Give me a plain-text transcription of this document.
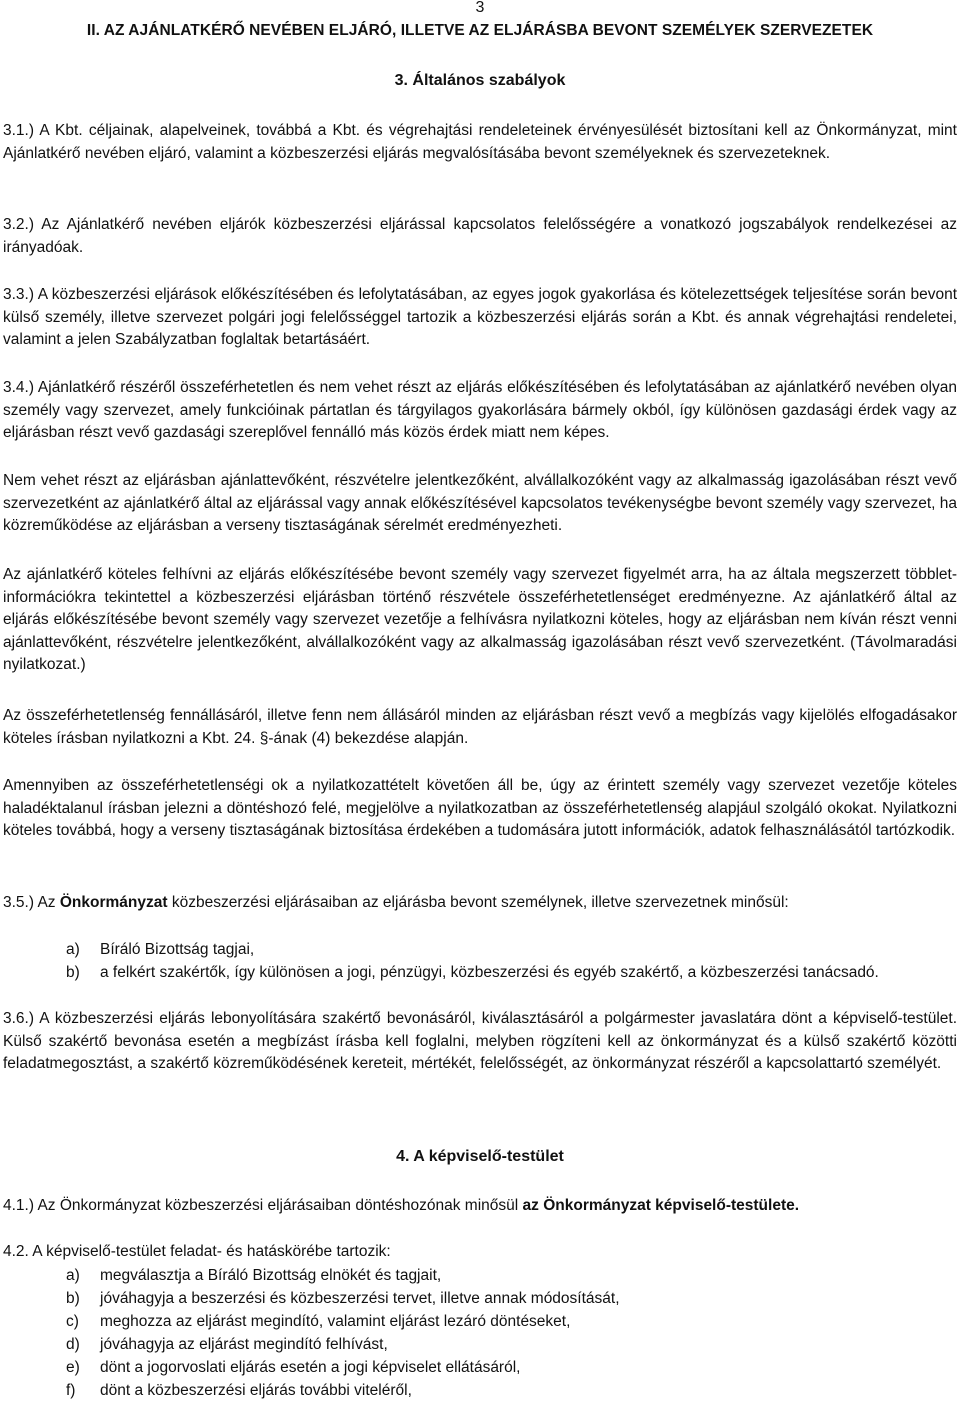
3
II. AZ AJÁNLATKÉRŐ NEVÉBEN ELJÁRÓ, ILLETVE AZ ELJÁRÁSBA BEVONT SZEMÉLYEK SZERVEZETEK
3. Általános szabályok

3.1.) A Kbt. céljainak, alapelveinek, továbbá a Kbt. és végrehajtási rendeleteinek érvényesülését biztosítani kell az Önkormányzat, mint Ajánlatkérő nevében eljáró, valamint a közbeszerzési eljárás megvalósításába bevont személyeknek és szervezeteknek.

3.2.) Az Ajánlatkérő nevében eljárók közbeszerzési eljárással kapcsolatos felelősségére a vonatkozó jogszabályok rendelkezései az irányadóak.

3.3.) A közbeszerzési eljárások előkészítésében és lefolytatásában, az egyes jogok gyakorlása és kötelezettségek teljesítése során bevont külső személy, illetve szervezet polgári jogi felelősséggel tartozik a közbeszerzési eljárás során a Kbt. és annak végrehajtási rendeletei, valamint a jelen Szabályzatban foglaltak betartásáért.

3.4.) Ajánlatkérő részéről összeférhetetlen és nem vehet részt az eljárás előkészítésében és lefolytatásában az ajánlatkérő nevében olyan személy vagy szervezet, amely funkcióinak pártatlan és tárgyilagos gyakorlására bármely okból, így különösen gazdasági érdek vagy az eljárásban részt vevő gazdasági szereplővel fennálló más közös érdek miatt nem képes.

Nem vehet részt az eljárásban ajánlattevőként, részvételre jelentkezőként, alvállalkozóként vagy az alkalmasság igazolásában részt vevő szervezetként az ajánlatkérő által az eljárással vagy annak előkészítésével kapcsolatos tevékenységbe bevont személy vagy szervezet, ha közreműködése az eljárásban a verseny tisztaságának sérelmét eredményezheti.

Az ajánlatkérő köteles felhívni az eljárás előkészítésébe bevont személy vagy szervezet figyelmét arra, ha az általa megszerzett többlet-információkra tekintettel a közbeszerzési eljárásban történő részvétele összeférhetetlenséget eredményezne. Az ajánlatkérő által az eljárás előkészítésébe bevont személy vagy szervezet vezetője a felhívásra nyilatkozni köteles, hogy az eljárásban nem kíván részt venni ajánlattevőként, részvételre jelentkezőként, alvállalkozóként vagy az alkalmasság igazolásában részt vevő szervezetként. (Távolmaradási nyilatkozat.)

Az összeférhetetlenség fennállásáról, illetve fenn nem állásáról minden az eljárásban részt vevő a megbízás vagy kijelölés elfogadásakor köteles írásban nyilatkozni a Kbt. 24. §-ának (4) bekezdése alapján.

Amennyiben az összeférhetetlenségi ok a nyilatkozattételt követően áll be, úgy az érintett személy vagy szervezet vezetője köteles haladéktalanul írásban jelezni a döntéshozó felé, megjelölve a nyilatkozatban az összeférhetetlenség alapjául szolgáló okokat. Nyilatkozni köteles továbbá, hogy a verseny tisztaságának biztosítása érdekében a tudomására jutott információk, adatok felhasználásától tartózkodik.

3.5.) Az Önkormányzat közbeszerzési eljárásaiban az eljárásba bevont személynek, illetve szervezetnek minősül:

a) Bíráló Bizottság tagjai,

b) a felkért szakértők, így különösen a jogi, pénzügyi, közbeszerzési és egyéb szakértő, a közbeszerzési tanácsadó.

3.6.) A közbeszerzési eljárás lebonyolítására szakértő bevonásáról, kiválasztásáról a polgármester javaslatára dönt a képviselő-testület. Külső szakértő bevonása esetén a megbízást írásba kell foglalni, melyben rögzíteni kell az önkormányzat és a külső szakértő közötti feladatmegosztást, a szakértő közreműködésének kereteit, mértékét, felelősségét, az önkormányzat részéről a kapcsolattartó személyét.

4. A képviselő-testület

4.1.) Az Önkormányzat közbeszerzési eljárásaiban döntéshozónak minősül az Önkormányzat képviselő-testülete.

4.2. A képviselő-testület feladat- és hatáskörébe tartozik:

a) megválasztja a Bíráló Bizottság elnökét és tagjait,

b) jóváhagyja a beszerzési és közbeszerzési tervet, illetve annak módosítását,

c) meghozza az eljárást megindító, valamint eljárást lezáró döntéseket,

d) jóváhagyja az eljárást megindító felhívást,

e) dönt a jogorvoslati eljárás esetén a jogi képviselet ellátásáról,

f) dönt a közbeszerzési eljárás további viteléről,
